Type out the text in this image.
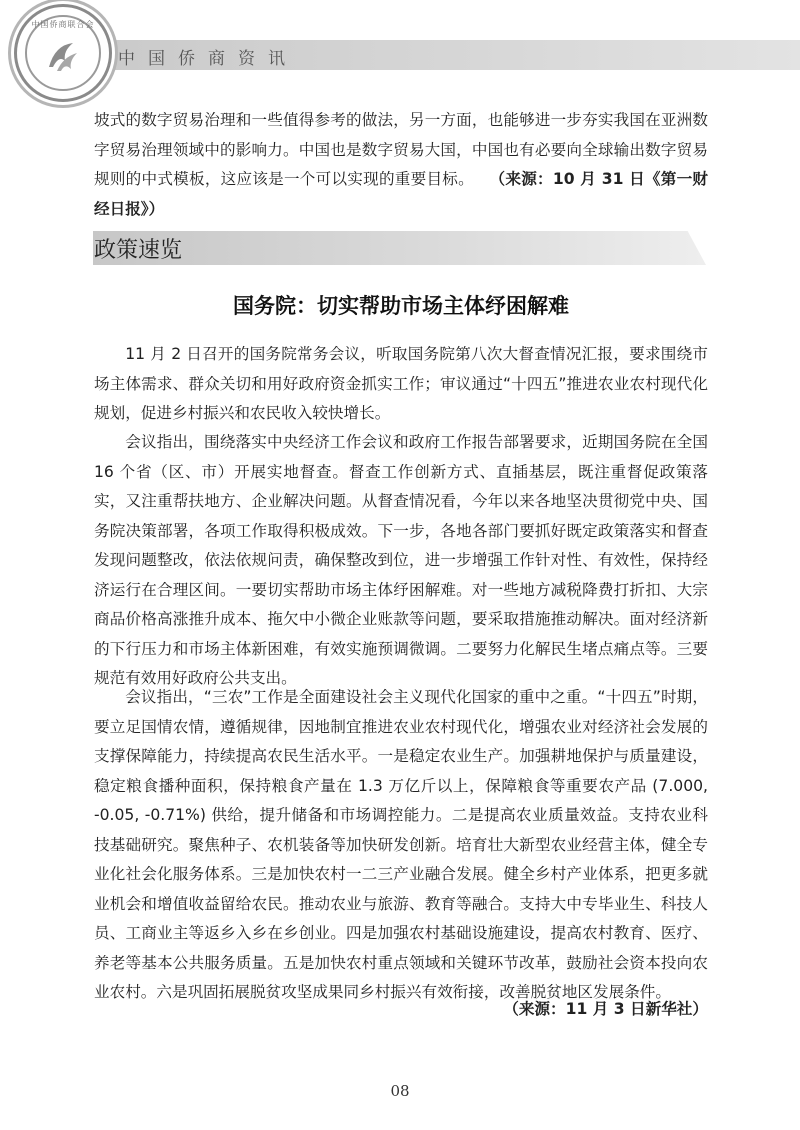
中国侨商联合会
中国侨商资讯

坡式的数字贸易治理和一些值得参考的做法，另一方面，也能够进一步夯实我国在亚洲数字贸易治理领域中的影响力。中国也是数字贸易大国，中国也有必要向全球输出数字贸易规则的中式模板，这应该是一个可以实现的重要目标。 （来源：10 月 31 日《第一财经日报》）

政策速览
国务院：切实帮助市场主体纾困解难

11 月 2 日召开的国务院常务会议，听取国务院第八次大督查情况汇报，要求围绕市场主体需求、群众关切和用好政府资金抓实工作；审议通过“十四五”推进农业农村现代化规划，促进乡村振兴和农民收入较快增长。

会议指出，围绕落实中央经济工作会议和政府工作报告部署要求，近期国务院在全国 16 个省（区、市）开展实地督查。督查工作创新方式、直插基层，既注重督促政策落实，又注重帮扶地方、企业解决问题。从督查情况看，今年以来各地坚决贯彻党中央、国务院决策部署，各项工作取得积极成效。下一步，各地各部门要抓好既定政策落实和督查发现问题整改，依法依规问责，确保整改到位，进一步增强工作针对性、有效性，保持经济运行在合理区间。一要切实帮助市场主体纾困解难。对一些地方减税降费打折扣、大宗商品价格高涨推升成本、拖欠中小微企业账款等问题，要采取措施推动解决。面对经济新的下行压力和市场主体新困难，有效实施预调微调。二要努力化解民生堵点痛点等。三要规范有效用好政府公共支出。

会议指出，“三农”工作是全面建设社会主义现代化国家的重中之重。“十四五”时期，要立足国情农情，遵循规律，因地制宜推进农业农村现代化，增强农业对经济社会发展的支撑保障能力，持续提高农民生活水平。一是稳定农业生产。加强耕地保护与质量建设，稳定粮食播种面积，保持粮食产量在 1.3 万亿斤以上，保障粮食等重要农产品 (7.000, -0.05, -0.71%) 供给，提升储备和市场调控能力。二是提高农业质量效益。支持农业科技基础研究。聚焦种子、农机装备等加快研发创新。培育壮大新型农业经营主体，健全专业化社会化服务体系。三是加快农村一二三产业融合发展。健全乡村产业体系，把更多就业机会和增值收益留给农民。推动农业与旅游、教育等融合。支持大中专毕业生、科技人员、工商业主等返乡入乡在乡创业。四是加强农村基础设施建设，提高农村教育、医疗、养老等基本公共服务质量。五是加快农村重点领域和关键环节改革，鼓励社会资本投向农业农村。六是巩固拓展脱贫攻坚成果同乡村振兴有效衔接，改善脱贫地区发展条件。

（来源：11 月 3 日新华社）
08
